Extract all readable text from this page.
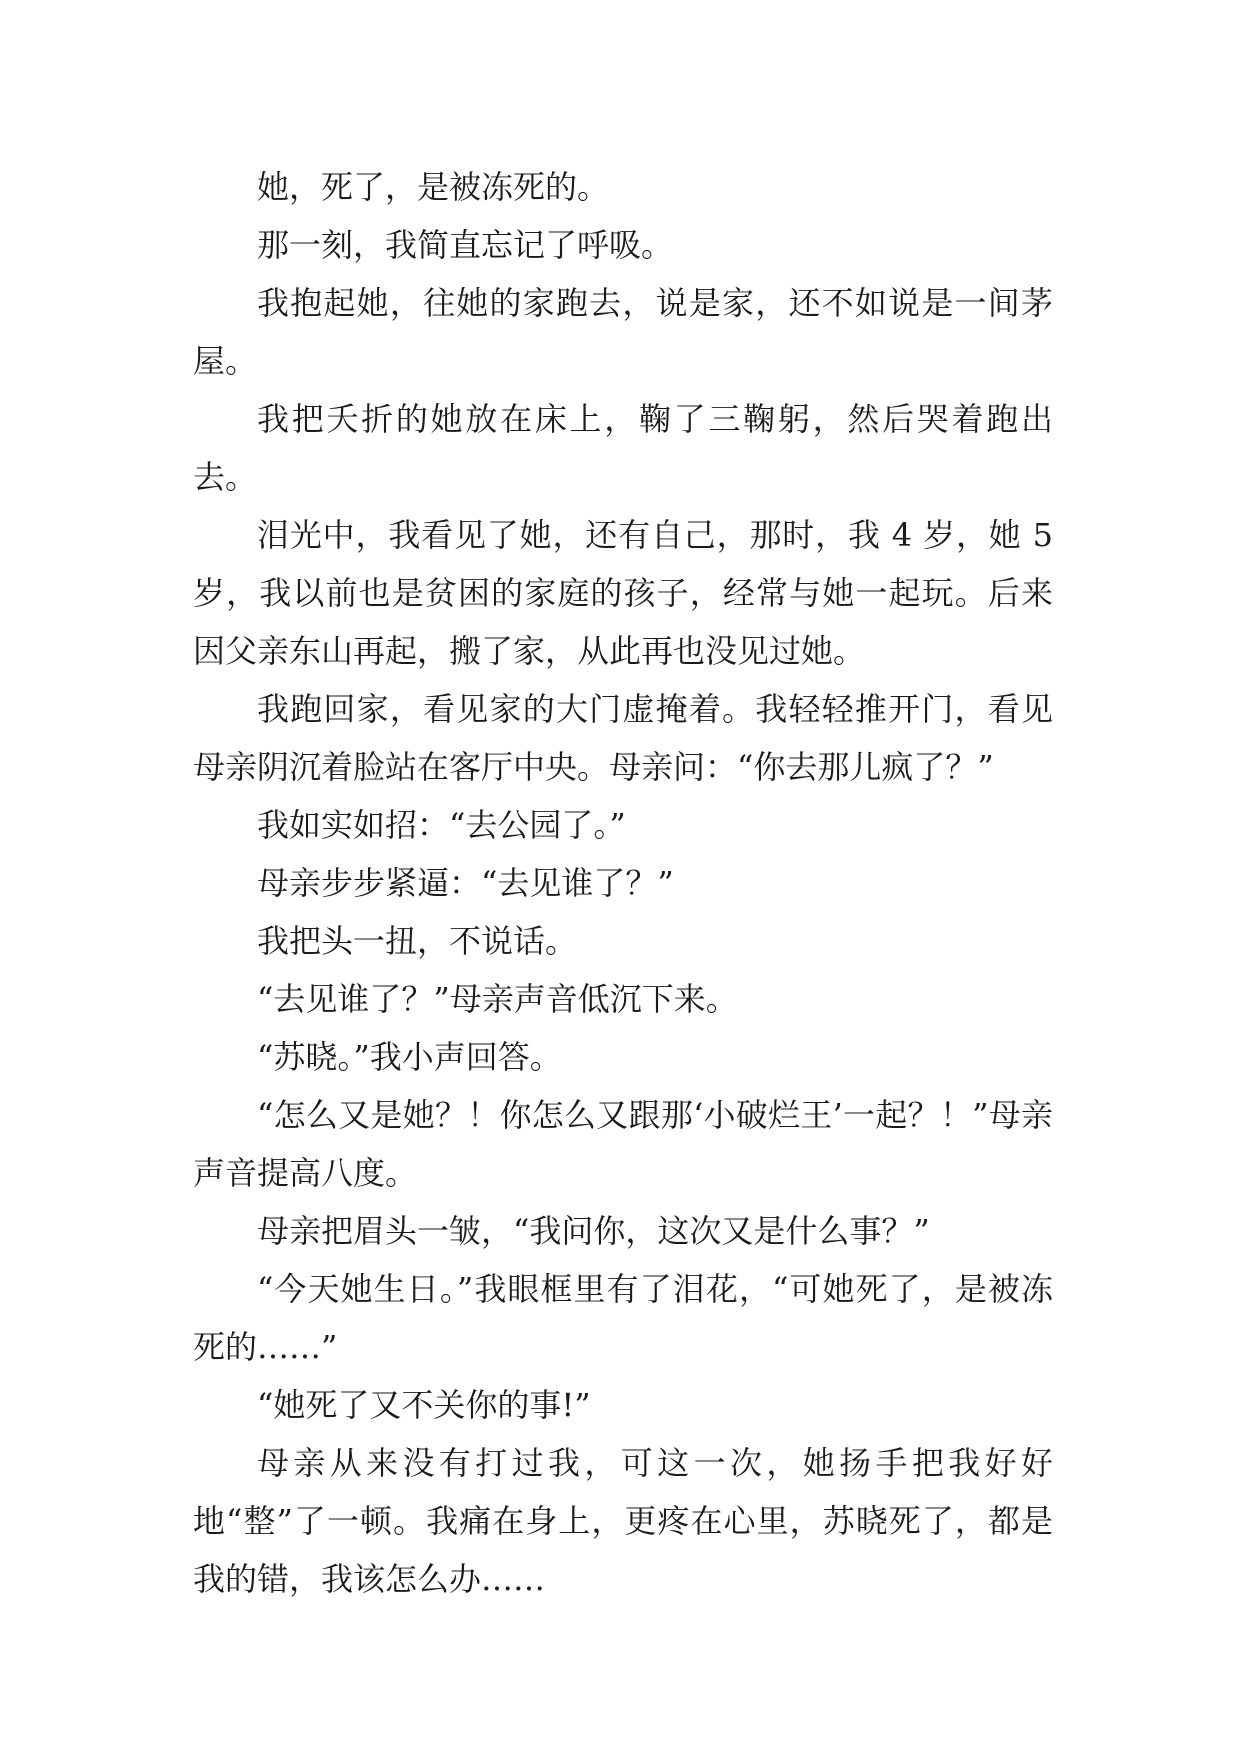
她，死了，是被冻死的。

那一刻，我简直忘记了呼吸。

我抱起她，往她的家跑去，说是家，还不如说是一间茅屋。

我把夭折的她放在床上，鞠了三鞠躬，然后哭着跑出去。

泪光中，我看见了她，还有自己，那时，我 4 岁，她 5 岁，我以前也是贫困的家庭的孩子，经常与她一起玩。后来因父亲东山再起，搬了家，从此再也没见过她。

我跑回家，看见家的大门虚掩着。我轻轻推开门，看见母亲阴沉着脸站在客厅中央。母亲问：“你去那儿疯了？”

我如实如招：“去公园了。”

母亲步步紧逼：“去见谁了？”

我把头一扭，不说话。

“去见谁了？”母亲声音低沉下来。

“苏晓。”我小声回答。

“怎么又是她？！你怎么又跟那‘小破烂王’一起？！”母亲声音提高八度。

母亲把眉头一皱，“我问你，这次又是什么事？”

“今天她生日。”我眼框里有了泪花，“可她死了，是被冻死的……”

“她死了又不关你的事!”

母亲从来没有打过我，可这一次，她扬手把我好好地“整”了一顿。我痛在身上，更疼在心里，苏晓死了，都是我的错，我该怎么办……
